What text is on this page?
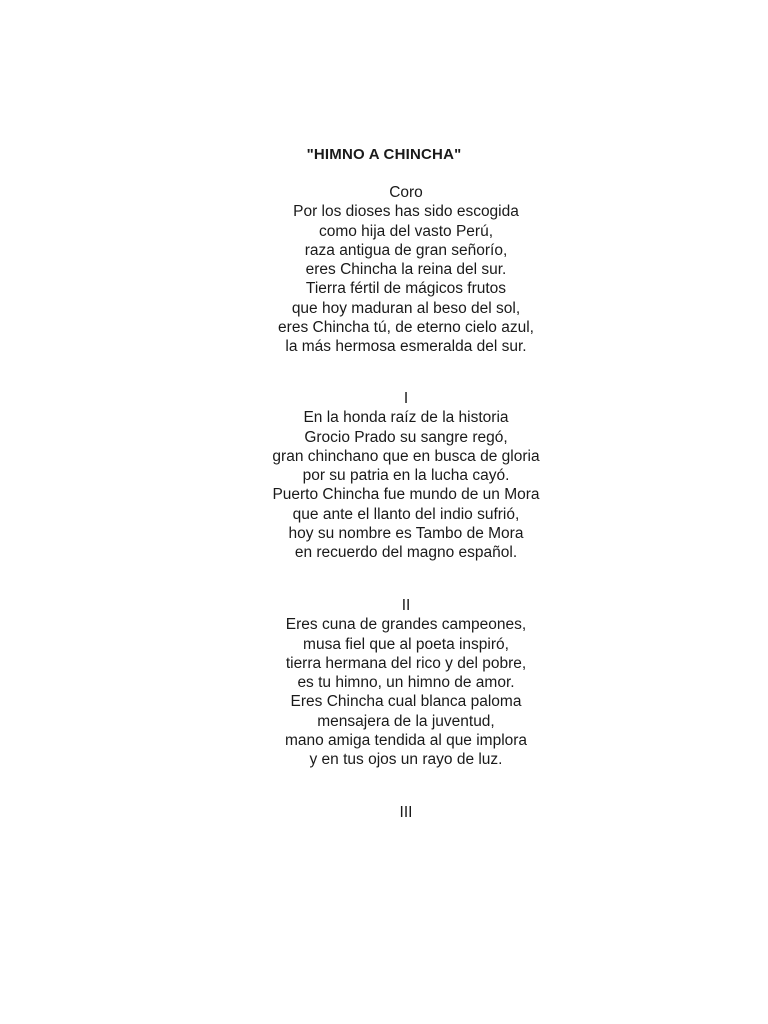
"HIMNO A CHINCHA"
Coro
Por los dioses has sido escogida
como hija del vasto Perú,
raza antigua de gran señorío,
eres Chincha la reina del sur.
Tierra fértil de mágicos frutos
que hoy maduran al beso del sol,
eres Chincha tú, de eterno cielo azul,
la más hermosa esmeralda del sur.
I
En la honda raíz de la historia
Grocio Prado su sangre regó,
gran chinchano que en busca de gloria
por su patria en la lucha cayó.
Puerto Chincha fue mundo de un Mora
que ante el llanto del indio sufrió,
hoy su nombre es Tambo de Mora
en recuerdo del magno español.
II
Eres cuna de grandes campeones,
musa fiel que al poeta inspiró,
tierra hermana del rico y del pobre,
es tu himno, un himno de amor.
Eres Chincha cual blanca paloma
mensajera de la juventud,
mano amiga tendida al que implora
y en tus ojos un rayo de luz.
III
